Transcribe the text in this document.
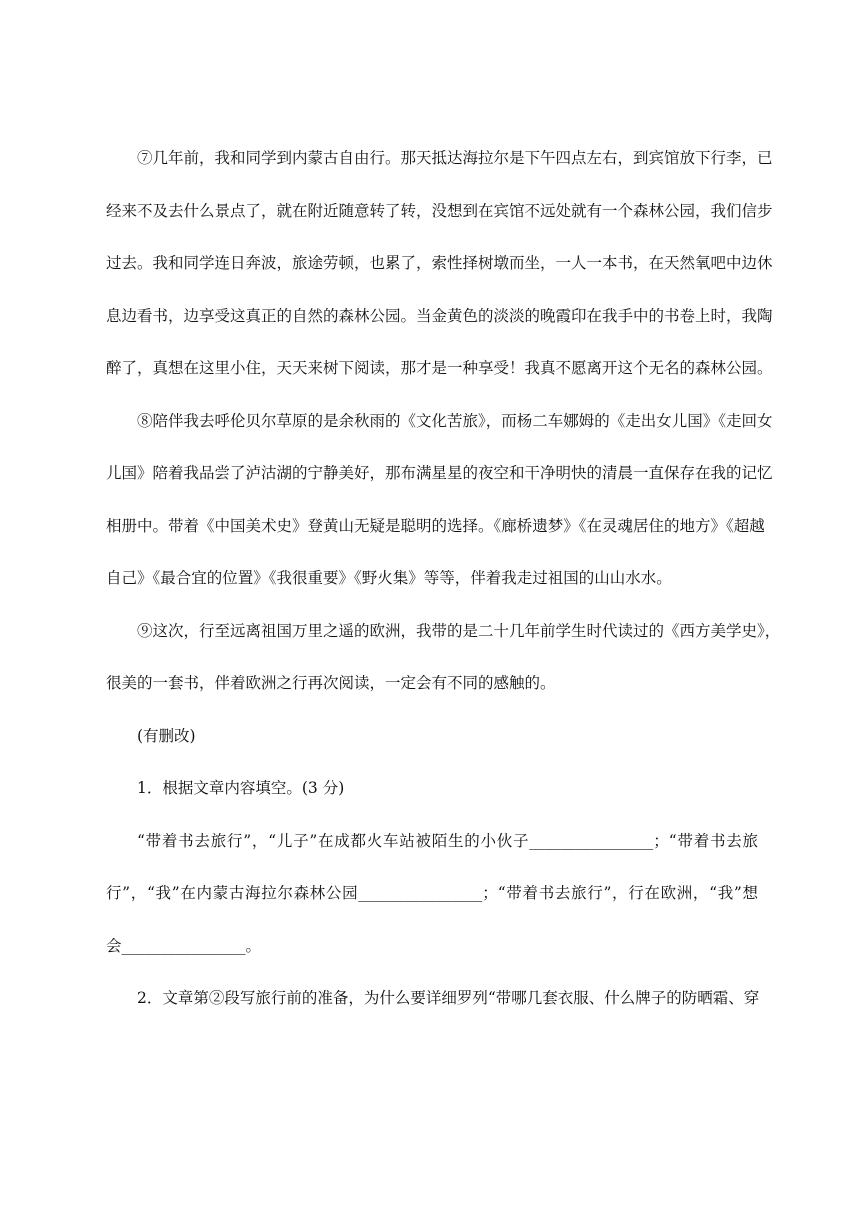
⑦几年前，我和同学到内蒙古自由行。那天抵达海拉尔是下午四点左右，到宾馆放下行李，已
经来不及去什么景点了，就在附近随意转了转，没想到在宾馆不远处就有一个森林公园，我们信步
过去。我和同学连日奔波，旅途劳顿，也累了，索性择树墩而坐，一人一本书，在天然氧吧中边休
息边看书，边享受这真正的自然的森林公园。当金黄色的淡淡的晚霞印在我手中的书卷上时，我陶
醉了，真想在这里小住，天天来树下阅读，那才是一种享受！我真不愿离开这个无名的森林公园。
⑧陪伴我去呼伦贝尔草原的是余秋雨的《文化苦旅》，而杨二车娜姆的《走出女儿国》《走回女
儿国》陪着我品尝了泸沽湖的宁静美好，那布满星星的夜空和干净明快的清晨一直保存在我的记忆
相册中。带着《中国美术史》登黄山无疑是聪明的选择。《廊桥遗梦》《在灵魂居住的地方》《超越
自己》《最合宜的位置》《我很重要》《野火集》等等，伴着我走过祖国的山山水水。
⑨这次，行至远离祖国万里之遥的欧洲，我带的是二十几年前学生时代读过的《西方美学史》，
很美的一套书，伴着欧洲之行再次阅读，一定会有不同的感触的。
(有删改)
1．根据文章内容填空。(3 分)
“带着书去旅行”，“儿子”在成都火车站被陌生的小伙子________________；“带着书去旅
行”，“我”在内蒙古海拉尔森林公园________________；“带着书去旅行”，行在欧洲，“我”想
会________________。
2．文章第②段写旅行前的准备，为什么要详细罗列“带哪几套衣服、什么牌子的防晒霜、穿
